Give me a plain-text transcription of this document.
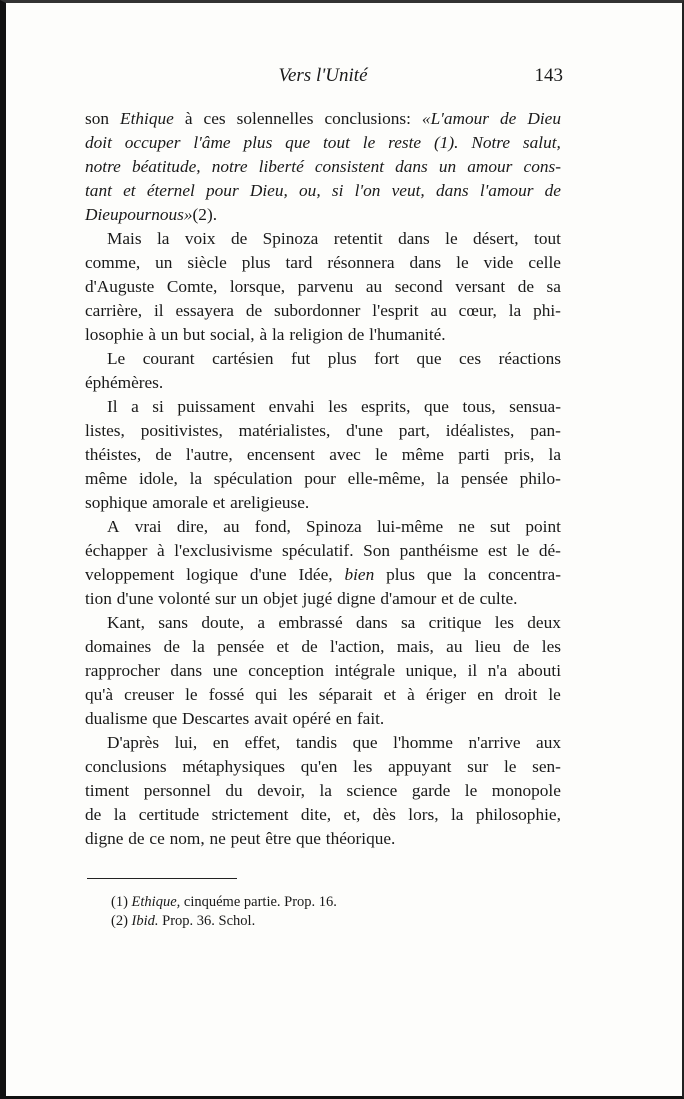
Vers l'Unité	143
son Ethique à ces solennelles conclusions: «L'amour de Dieu
doit occuper l'âme plus que tout le reste (1). Notre salut,
notre béatitude, notre liberté consistent dans un amour cons-
tant et éternel pour Dieu, ou, si l'on veut, dans l'amour de
Dieu pour nous» (2).
Mais la voix de Spinoza retentit dans le désert, tout
comme, un siècle plus tard résonnera dans le vide celle
d'Auguste Comte, lorsque, parvenu au second versant de sa
carrière, il essayera de subordonner l'esprit au cœur, la phi-
losophie à un but social, à la religion de l'humanité.
Le courant cartésien fut plus fort que ces réactions
éphémères.
Il a si puissament envahi les esprits, que tous, sensua-
listes, positivistes, matérialistes, d'une part, idéalistes, pan-
théistes, de l'autre, encensent avec le même parti pris, la
même idole, la spéculation pour elle-même, la pensée philo-
sophique amorale et areligieuse.
A vrai dire, au fond, Spinoza lui-même ne sut point
échapper à l'exclusivisme spéculatif. Son panthéisme est le dé-
veloppement logique d'une Idée, bien plus que la concentra-
tion d'une volonté sur un objet jugé digne d'amour et de culte.
Kant, sans doute, a embrassé dans sa critique les deux
domaines de la pensée et de l'action, mais, au lieu de les
rapprocher dans une conception intégrale unique, il n'a abouti
qu'à creuser le fossé qui les séparait et à ériger en droit le
dualisme que Descartes avait opéré en fait.
D'après lui, en effet, tandis que l'homme n'arrive aux
conclusions métaphysiques qu'en les appuyant sur le sen-
timent personnel du devoir, la science garde le monopole
de la certitude strictement dite, et, dès lors, la philosophie,
digne de ce nom, ne peut être que théorique.
(1) Ethique, cinquéme partie. Prop. 16.
(2) Ibid. Prop. 36. Schol.
